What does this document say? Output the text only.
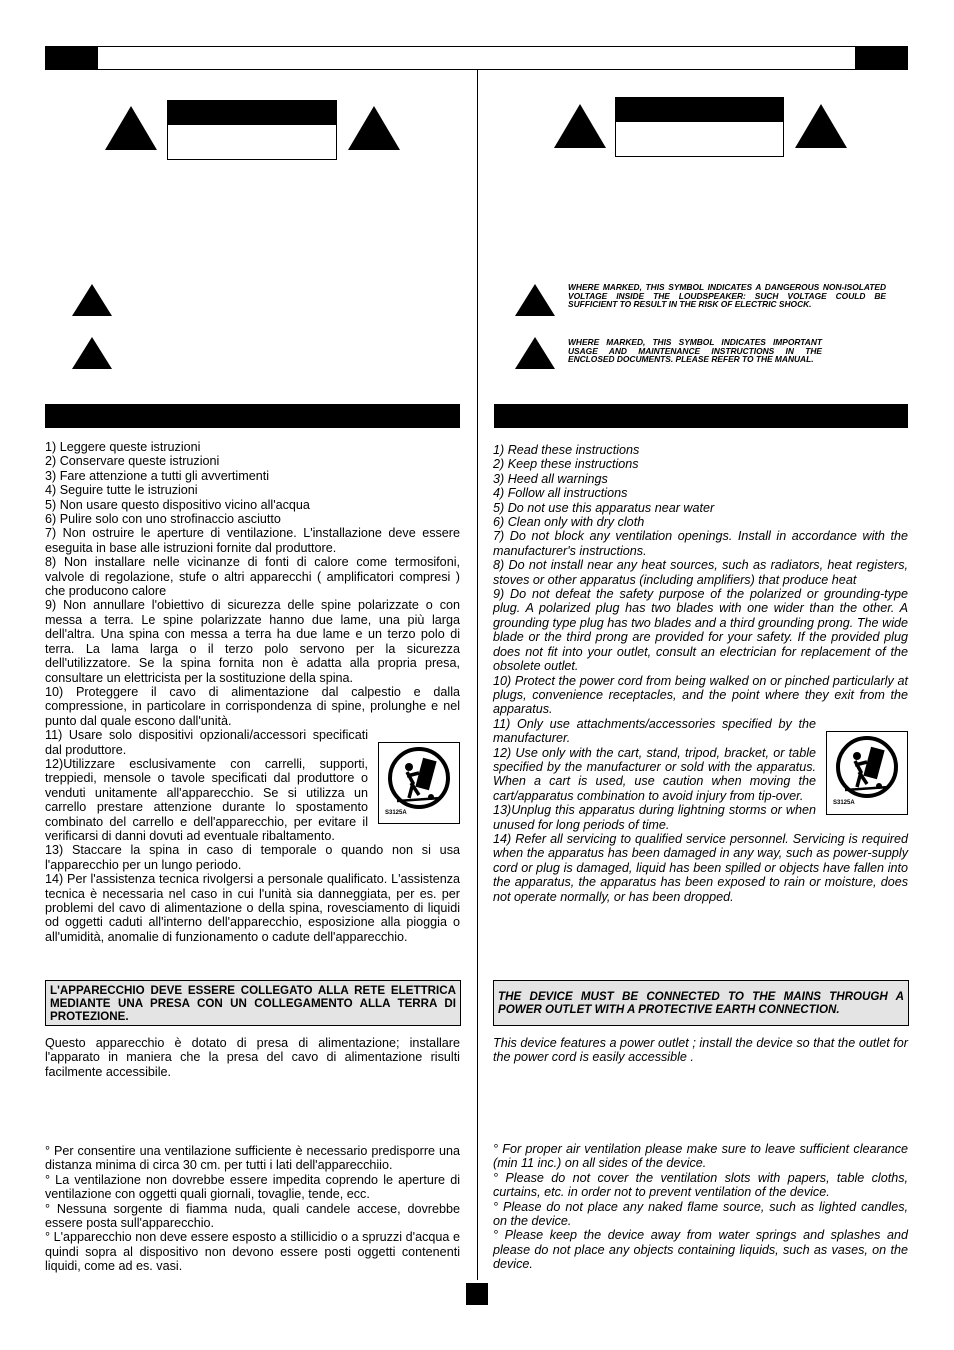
WHERE MARKED, THIS SYMBOL INDICATES A DANGEROUS NON-ISOLATED VOLTAGE INSIDE THE LOUDSPEAKER: SUCH VOLTAGE COULD BE SUFFICIENT TO RESULT IN THE RISK OF ELECTRIC SHOCK.
WHERE MARKED, THIS SYMBOL INDICATES IMPORTANT USAGE AND MAINTENANCE INSTRUCTIONS IN THE ENCLOSED DOCUMENTS. PLEASE REFER TO THE MANUAL.

1) Leggere queste istruzioni

2) Conservare queste istruzioni

3) Fare attenzione a tutti gli avvertimenti

4) Seguire tutte le istruzioni

5) Non usare questo dispositivo vicino all'acqua

6) Pulire solo con uno strofinaccio asciutto

7) Non ostruire le aperture di ventilazione. L'installazione deve essere eseguita in base alle istruzioni fornite dal produttore.

8) Non installare nelle vicinanze di fonti di calore come termosifoni, valvole di regolazione, stufe o altri apparecchi ( amplificatori compresi ) che producono calore

9) Non annullare l'obiettivo di sicurezza delle spine polarizzate o con messa a terra. Le spine polarizzate hanno due lame, una più larga dell'altra. Una spina con messa a terra ha due lame e un terzo polo di terra. La lama larga o il terzo polo servono per la sicurezza dell'utilizzatore. Se la spina fornita non è adatta alla propria presa, consultare un elettricista per la sostituzione della spina.

10) Proteggere il cavo di alimentazione dal calpestio e dalla compressione, in particolare in corrispondenza di spine, prolunghe e nel punto dal quale escono dall'unità.

S3125A

11) Usare solo dispositivi opzionali/accessori specificati dal produttore.

12)Utilizzare esclusivamente con carrelli, supporti, treppiedi, mensole o tavole specificati dal produttore o venduti unitamente all'apparecchio. Se si utilizza un carrello prestare attenzione durante lo spostamento combinato del carrello e dell'apparecchio, per evitare il verificarsi di danni dovuti ad eventuale ribaltamento.

13) Staccare la spina in caso di temporale o quando non si usa l'apparecchio per un lungo periodo.

14) Per l'assistenza tecnica rivolgersi a personale qualificato. L'assistenza tecnica è necessaria nel caso in cui l'unità sia danneggiata, per es. per problemi del cavo di alimentazione o della spina, rovesciamento di liquidi od oggetti caduti all'interno dell'apparecchio, esposizione alla pioggia o all'umidità, anomalie di funzionamento o cadute dell'apparecchio.

1) Read these instructions

2) Keep these instructions

3) Heed all warnings

4) Follow all instructions

5) Do not use this apparatus near water

6) Clean only with dry cloth

7) Do not block any ventilation openings. Install in accordance with the manufacturer's instructions.

8) Do not install near any heat sources, such as radiators, heat registers, stoves or other apparatus (including amplifiers) that produce heat

9) Do not defeat the safety purpose of the polarized or grounding-type plug. A polarized plug has two blades with one wider than the other. A grounding type plug has two blades and a third grounding prong. The wide blade or the third prong are provided for your safety. If the provided plug does not fit into your outlet, consult an electrician for replacement of the obsolete outlet.

10) Protect the power cord from being walked on or pinched particularly at plugs, convenience receptacles, and the point where they exit from the apparatus.

S3125A

11) Only use attachments/accessories specified by the manufacturer.

12) Use only with the cart, stand, tripod, bracket, or table specified by the manufacturer or sold with the apparatus. When a cart is used, use caution when moving the cart/apparatus combination to avoid injury from tip-over.

13)Unplug this apparatus during lightning storms or when unused for long periods of time.

14) Refer all servicing to qualified service personnel. Servicing is required when the apparatus has been damaged in any way, such as power-supply cord or plug is damaged, liquid has been spilled or objects have fallen into the apparatus, the apparatus has been exposed to rain or moisture, does not operate normally, or has been dropped.

L'APPARECCHIO DEVE ESSERE COLLEGATO ALLA RETE ELETTRICA MEDIANTE UNA PRESA CON UN COLLEGAMENTO ALLA TERRA DI PROTEZIONE.
THE DEVICE MUST BE CONNECTED TO THE MAINS THROUGH A POWER OUTLET WITH A PROTECTIVE EARTH CONNECTION.
Questo apparecchio è dotato di presa di alimentazione; installare l'apparato in maniera che la presa del cavo di alimentazione risulti facilmente accessibile.
This device features a power outlet ; install the device so that the outlet for the power cord is easily accessible .

° Per consentire una ventilazione sufficiente è necessario predisporre una distanza minima di circa 30 cm. per tutti i lati dell'apparecchiio.

° La ventilazione non dovrebbe essere impedita coprendo le aperture di ventilazione con oggetti quali giornali, tovaglie, tende, ecc.

° Nessuna sorgente di fiamma nuda, quali candele accese, dovrebbe essere posta sull'apparecchio.

° L'apparecchio non deve essere esposto a stillicidio o a spruzzi d'acqua e quindi sopra al dispositivo non devono essere posti oggetti contenenti liquidi, come ad es. vasi.

° For proper air ventilation please make sure to leave sufficient clearance (min 11 inc.) on all sides of the device.

° Please do not cover the ventilation slots with papers, table cloths, curtains, etc. in order not to prevent ventilation of the device.

° Please do not place any naked flame source, such as lighted candles, on the device.

° Please keep the device away from water springs and splashes and please do not place any objects containing liquids, such as vases, on the device.
